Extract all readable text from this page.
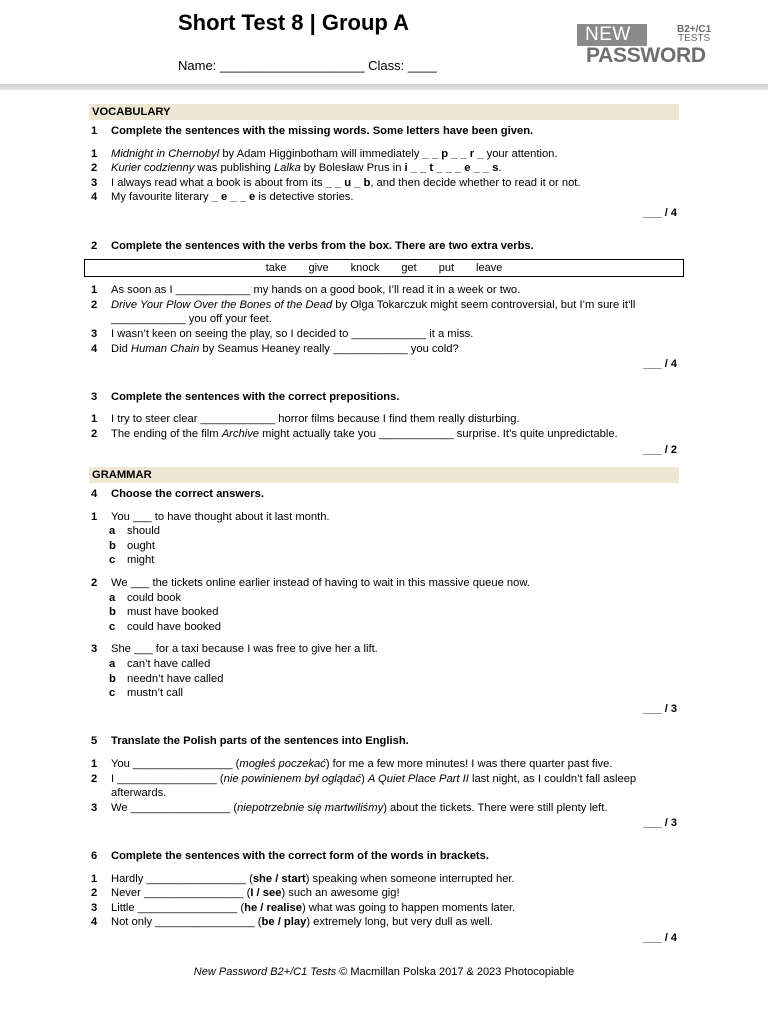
Short Test 8 | Group A
Name: ____________________ Class: ____
NEW	B2+/C1
TESTS
PASSWORD
VOCABULARY
1	Complete the sentences with the missing words. Some letters have been given.
1	Midnight in Chernobyl by Adam Higginbotham will immediately _ _ p _ _ r _ your attention.
2	Kurier codzienny was publishing Lalka by Bolesław Prus in i _ _ t _ _ _ e _ _ s.
3	I always read what a book is about from its _ _ u _ b, and then decide whether to read it or not.
4	My favourite literary _ e _ _ e is detective stories.
___ / 4
2	Complete the sentences with the verbs from the box. There are two extra verbs.
take give knock get put leave
1	As soon as I ____________ my hands on a good book, I’ll read it in a week or two.
2	Drive Your Plow Over the Bones of the Dead by Olga Tokarczuk might seem controversial, but I’m sure it’ll ____________ you off your feet.
3	I wasn’t keen on seeing the play, so I decided to ____________ it a miss.
4	Did Human Chain by Seamus Heaney really ____________ you cold?
___ / 4
3	Complete the sentences with the correct prepositions.
1	I try to steer clear ____________ horror films because I find them really disturbing.
2	The ending of the film Archive might actually take you ____________ surprise. It’s quite unpredictable.
___ / 2
GRAMMAR
4	Choose the correct answers.
1	You ___ to have thought about it last month.
a	should
b ought
c	might
2	We ___ the tickets online earlier instead of having to wait in this massive queue now.
a	could book
b must have booked
c	could have booked
3	She ___ for a taxi because I was free to give her a lift.
a	can’t have called
b needn’t have called
c	mustn’t call
___ / 3
5	Translate the Polish parts of the sentences into English.
1	You ________________ (mogłeś poczekać) for me a few more minutes! I was there quarter past five.
2	I ________________ (nie powinienem był oglądać) A Quiet Place Part II last night, as I couldn’t fall asleep afterwards.
3	We ________________ (niepotrzebnie się martwiliśmy) about the tickets. There were still plenty left.
___ / 3
6	Complete the sentences with the correct form of the words in brackets.
1	Hardly ________________ (she / start) speaking when someone interrupted her.
2	Never ________________ (I / see) such an awesome gig!
3	Little ________________ (he / realise) what was going to happen moments later.
4	Not only ________________ (be / play) extremely long, but very dull as well.
___ / 4
New Password B2+/C1 Tests © Macmillan Polska 2017 & 2023 Photocopiable
